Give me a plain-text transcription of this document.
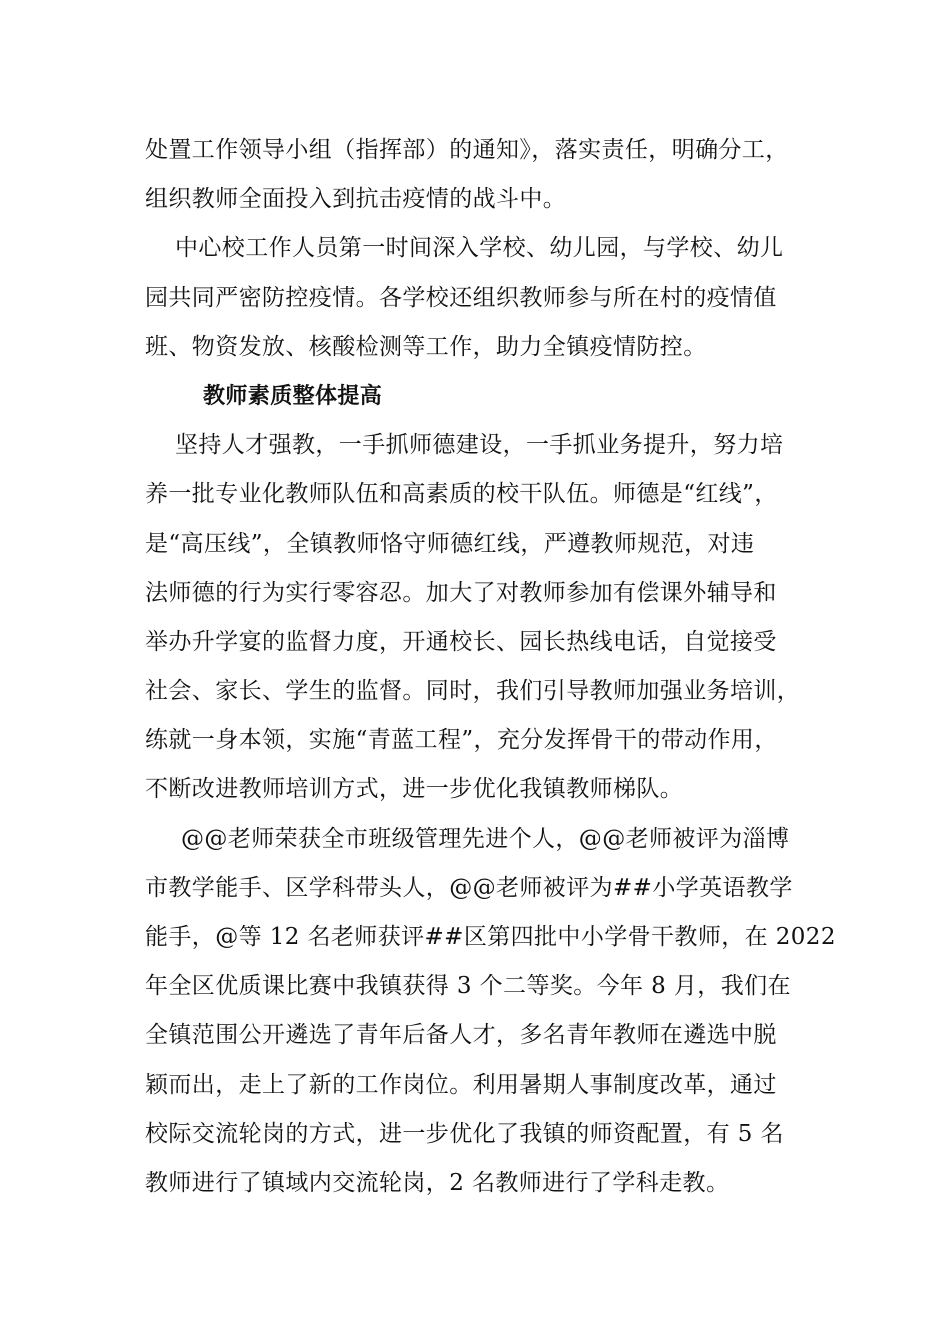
处置工作领导小组（指挥部）的通知》，落实责任，明确分工，
组织教师全面投入到抗击疫情的战斗中。
中心校工作人员第一时间深入学校、幼儿园，与学校、幼儿
园共同严密防控疫情。各学校还组织教师参与所在村的疫情值
班、物资发放、核酸检测等工作，助力全镇疫情防控。
教师素质整体提高
坚持人才强教，一手抓师德建设，一手抓业务提升，努力培
养一批专业化教师队伍和高素质的校干队伍。师德是“红线”，
是“高压线”，全镇教师恪守师德红线，严遵教师规范，对违
法师德的行为实行零容忍。加大了对教师参加有偿课外辅导和
举办升学宴的监督力度，开通校长、园长热线电话，自觉接受
社会、家长、学生的监督。同时，我们引导教师加强业务培训，
练就一身本领，实施“青蓝工程”，充分发挥骨干的带动作用，
不断改进教师培训方式，进一步优化我镇教师梯队。
@@老师荣获全市班级管理先进个人，@@老师被评为淄博
市教学能手、区学科带头人，@@老师被评为##小学英语教学
能手，@等 12 名老师获评##区第四批中小学骨干教师，在 2022
年全区优质课比赛中我镇获得 3 个二等奖。今年 8 月，我们在
全镇范围公开遴选了青年后备人才，多名青年教师在遴选中脱
颖而出，走上了新的工作岗位。利用暑期人事制度改革，通过
校际交流轮岗的方式，进一步优化了我镇的师资配置，有 5 名
教师进行了镇域内交流轮岗，2 名教师进行了学科走教。
